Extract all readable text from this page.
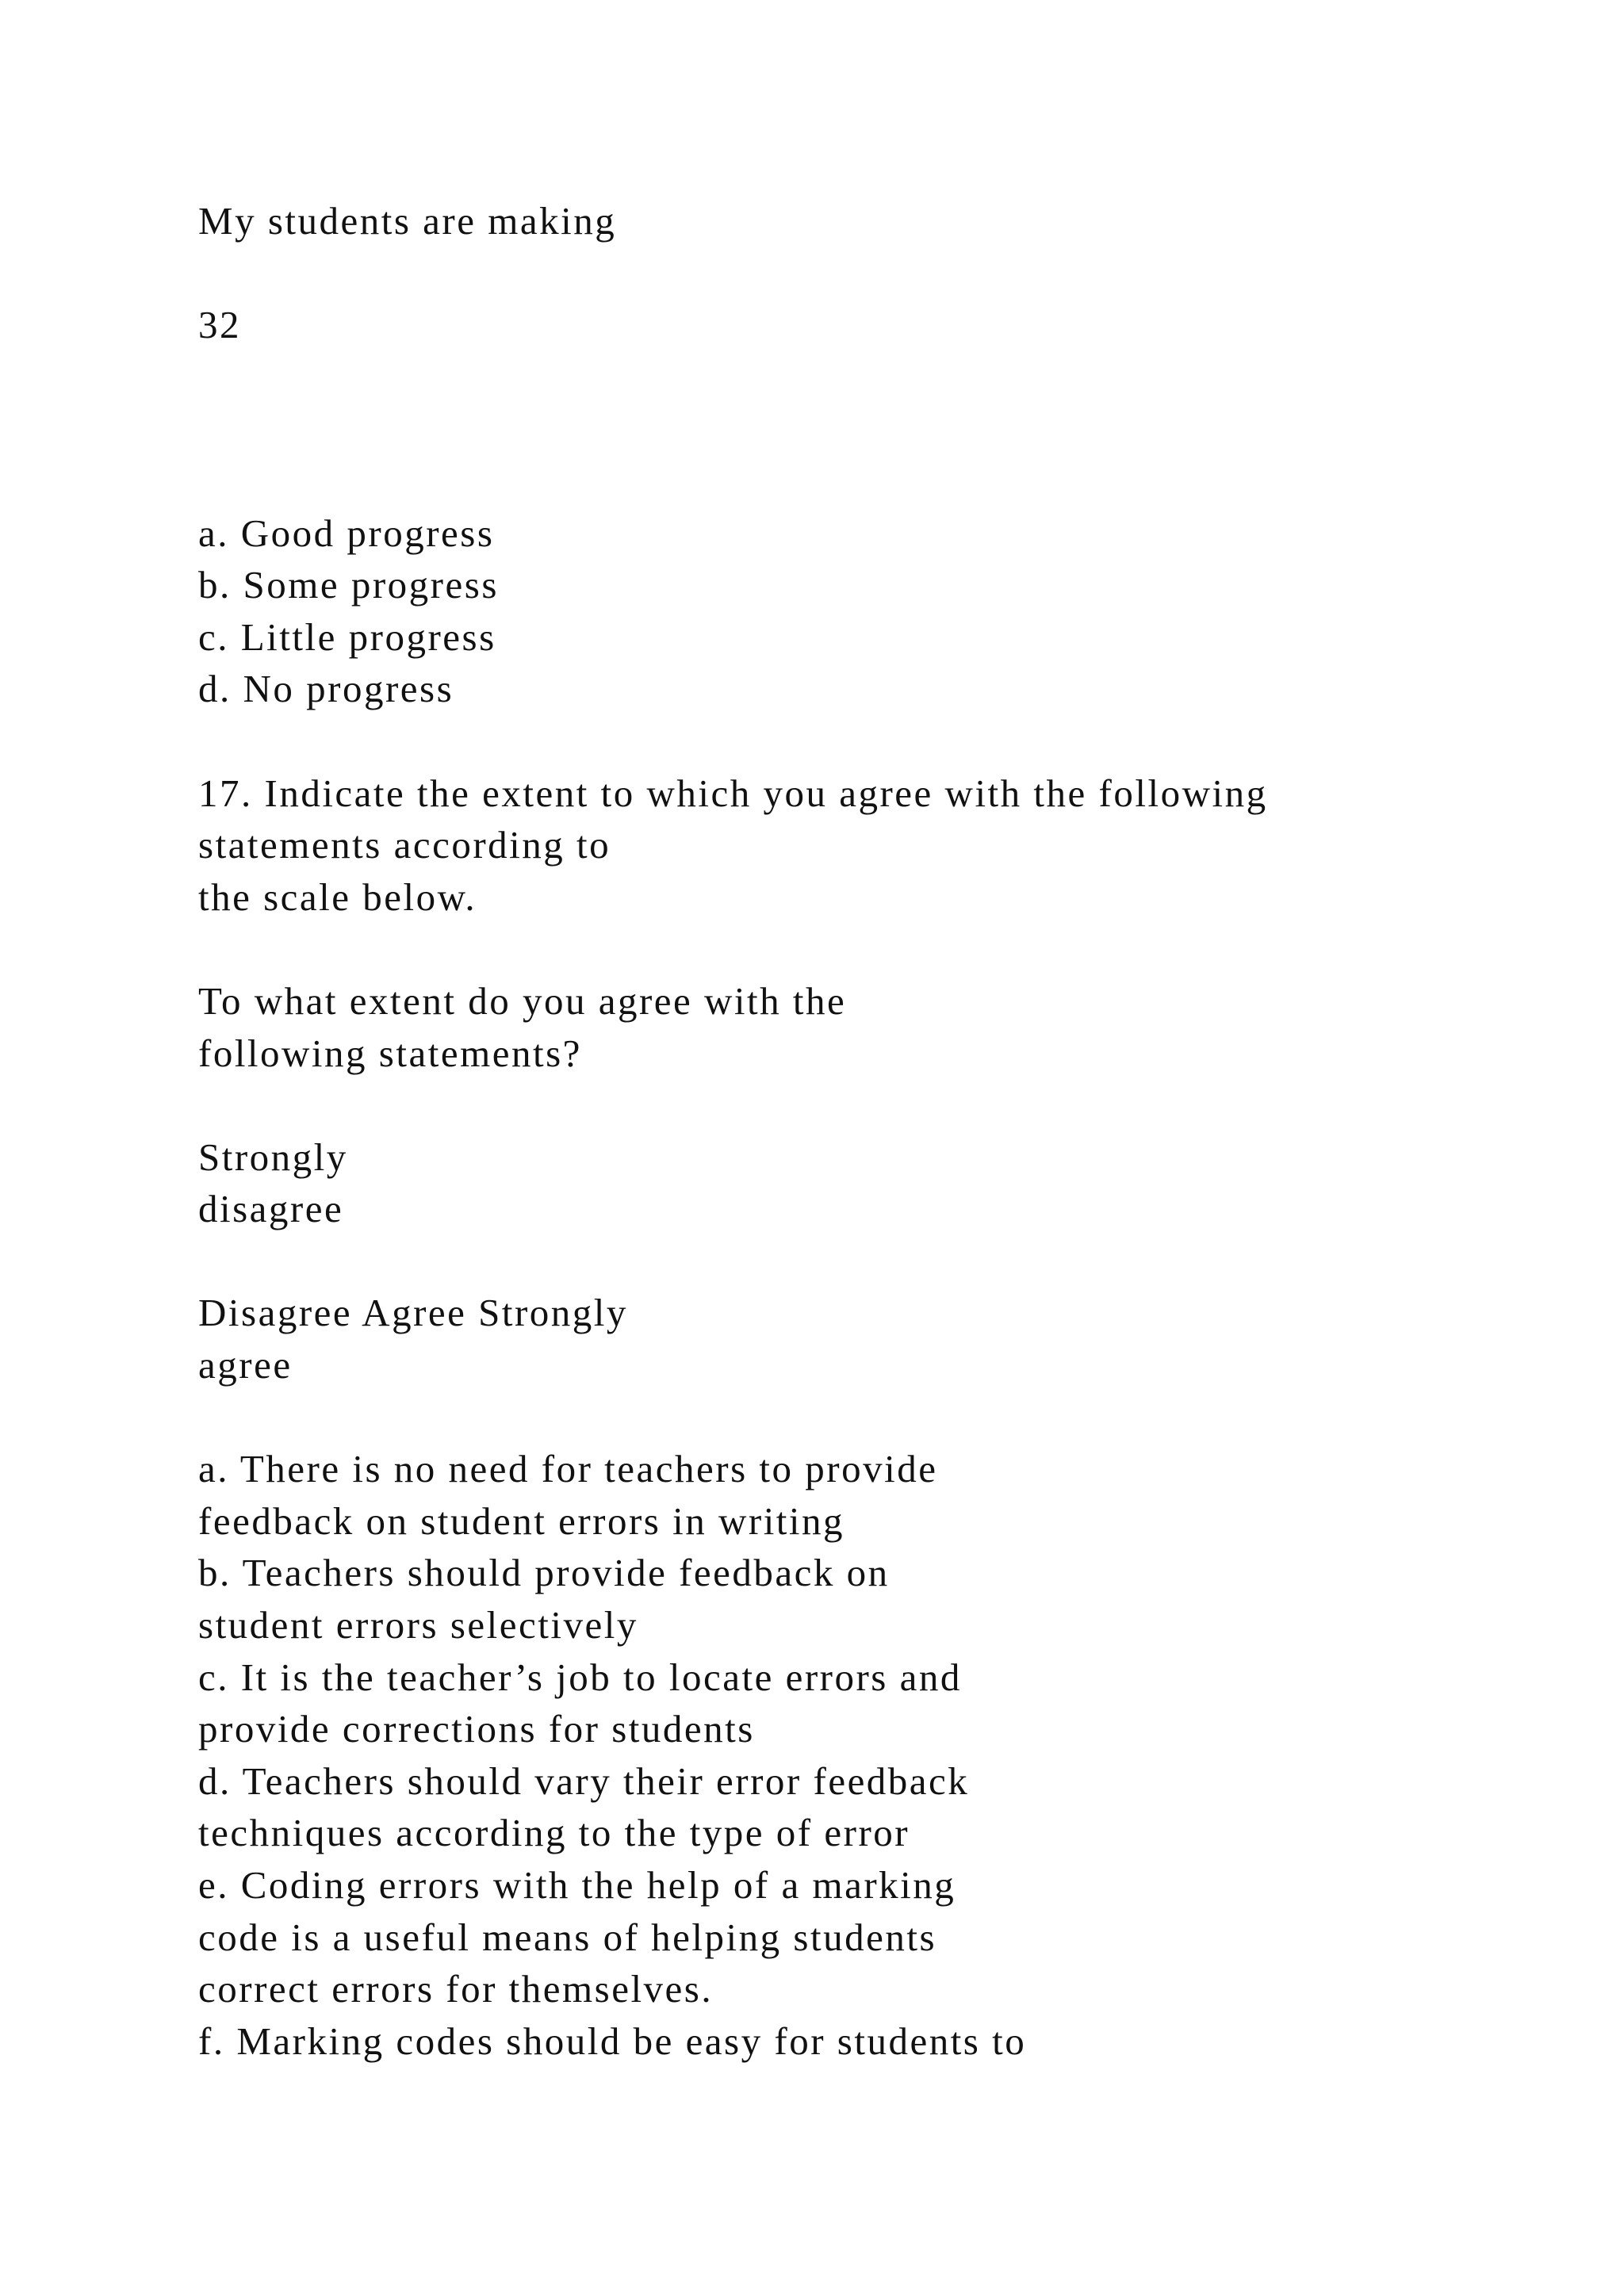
My students are making
32
a. Good progress
b. Some progress
c. Little progress
d. No progress
17. Indicate the extent to which you agree with the following
statements according to
the scale below.
To what extent do you agree with the
following statements?
Strongly
disagree
Disagree Agree Strongly
agree
a. There is no need for teachers to provide
feedback on student errors in writing
b. Teachers should provide feedback on
student errors selectively
c. It is the teacher’s job to locate errors and
provide corrections for students
d. Teachers should vary their error feedback
techniques according to the type of error
e. Coding errors with the help of a marking
code is a useful means of helping students
correct errors for themselves.
f. Marking codes should be easy for students to
